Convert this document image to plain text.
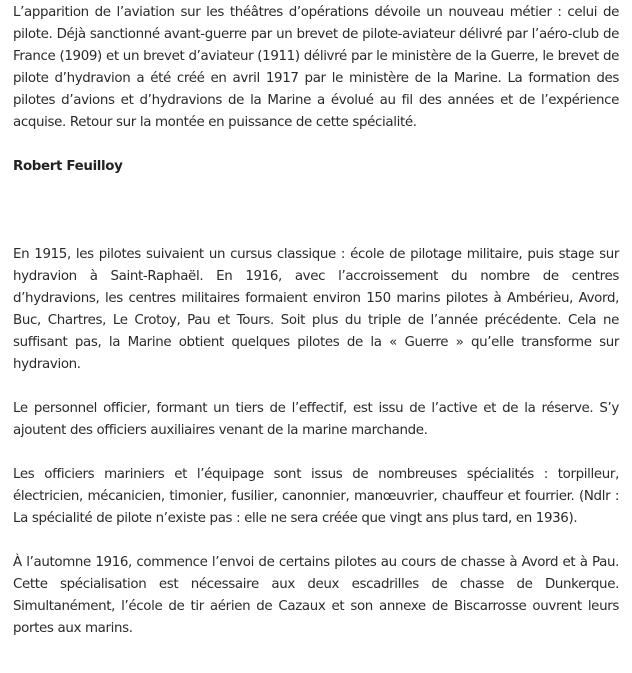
L’apparition de l’aviation sur les théâtres d’opérations dévoile un nouveau métier : celui de pilote. Déjà sanctionné avant-guerre par un brevet de pilote-aviateur délivré par l’aéro-club de France (1909) et un brevet d’aviateur (1911) délivré par le ministère de la Guerre, le brevet de pilote d’hydravion a été créé en avril 1917 par le ministère de la Marine. La formation des pilotes d’avions et d’hydravions de la Marine a évolué au fil des années et de l’expérience acquise. Retour sur la montée en puissance de cette spécialité.

Robert Feuilloy

En 1915, les pilotes suivaient un cursus classique : école de pilotage militaire, puis stage sur hydravion à Saint-Raphaël. En 1916, avec l’accroissement du nombre de centres d’hydravions, les centres militaires formaient environ 150 marins pilotes à Ambérieu, Avord, Buc, Chartres, Le Crotoy, Pau et Tours. Soit plus du triple de l’année précédente. Cela ne suffisant pas, la Marine obtient quelques pilotes de la « Guerre » qu’elle transforme sur hydravion.

Le personnel officier, formant un tiers de l’effectif, est issu de l’active et de la réserve. S’y ajoutent des officiers auxiliaires venant de la marine marchande.

Les officiers mariniers et l’équipage sont issus de nombreuses spécialités : torpilleur, électricien, mécanicien, timonier, fusilier, canonnier, manœuvrier, chauffeur et fourrier. (Ndlr : La spécialité de pilote n’existe pas : elle ne sera créée que vingt ans plus tard, en 1936).

À l’automne 1916, commence l’envoi de certains pilotes au cours de chasse à Avord et à Pau. Cette spécialisation est nécessaire aux deux escadrilles de chasse de Dunkerque. Simultanément, l’école de tir aérien de Cazaux et son annexe de Biscarrosse ouvrent leurs portes aux marins.
